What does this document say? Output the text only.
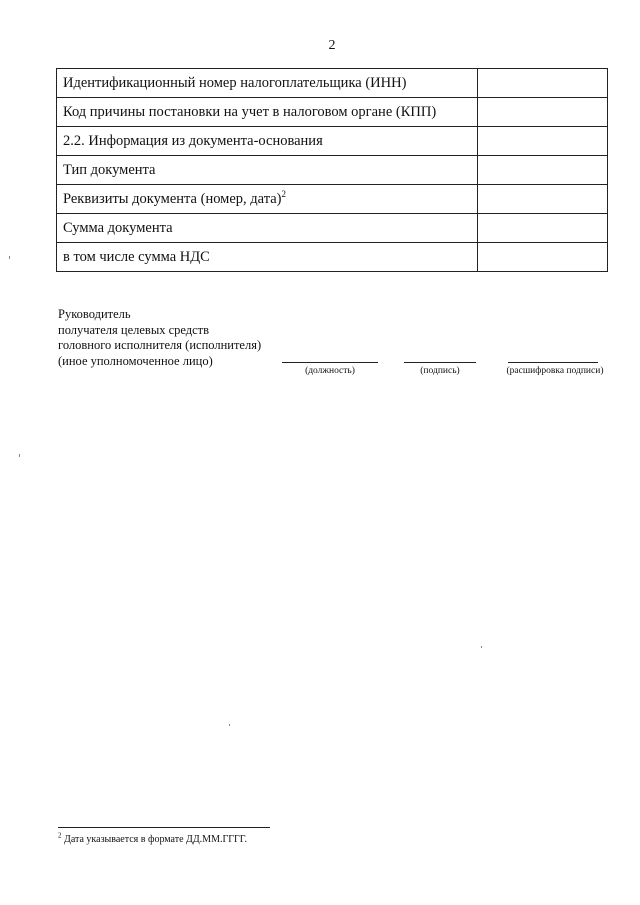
2
Идентификационный номер налогоплательщика (ИНН)	
Код причины постановки на учет в налоговом органе (КПП)	
2.2. Информация из документа-основания	
Тип документа	
Реквизиты документа (номер, дата)$^2$	
Сумма документа	
в том числе сумма НДС	
Руководитель
получателя целевых средств
головного исполнителя (исполнителя)
(иное уполномоченное лицо)
(должность)	(подпись)	(расшифровка подписи)
$^2$ Дата указывается в формате ДД.ММ.ГГГГ.
